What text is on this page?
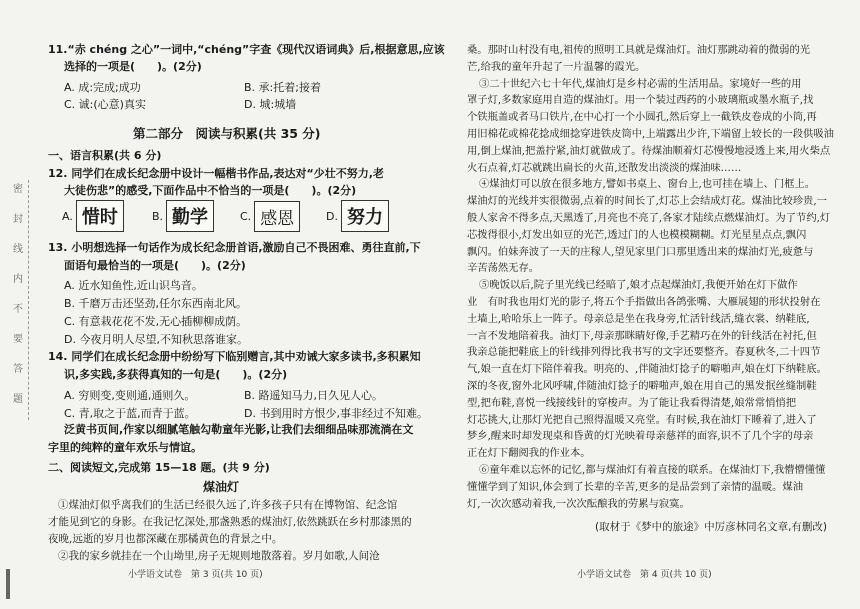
密
封
线
内
不
要
答
题
11.“赤 chéng 之心”一词中,“chéng”字查《现代汉语词典》后,根据意思,应该
选择的一项是(　　)。(2分)
A. 成:完成;成功	B. 承:托着;接着
C. 诚:(心意)真实	D. 城:城墙
第二部分　阅读与积累(共 35 分)
一、语言积累(共 6 分)
12. 同学们在成长纪念册中设计一幅楷书作品,表达对“少壮不努力,老
大徒伤悲”的感受,下面作品中不恰当的一项是(　　)。(2分)
A. 惜时	B. 勤学	C. 感恩	D. 努力
13. 小明想选择一句话作为成长纪念册首语,激励自己不畏困难、勇往直前,下
面语句最恰当的一项是(　　)。(2分)
A. 近水知鱼性,近山识鸟音。
B. 千磨万击还坚劲,任尔东西南北风。
C. 有意栽花花不发,无心插柳柳成荫。
D. 今夜月明人尽望,不知秋思落谁家。
14. 同学们在成长纪念册中纷纷写下临别赠言,其中劝诫大家多读书,多积累知
识,多实践,多获得真知的一句是(　　)。(2分)
A. 穷则变,变则通,通则久。	B. 路遥知马力,日久见人心。
C. 青,取之于蓝,而青于蓝。	D. 书到用时方恨少,事非经过不知难。
泛黄书页间,作家以细腻笔触勾勒童年光影,让我们去细细品味那流淌在文
字里的纯粹的童年欢乐与情谊。
二、阅读短文,完成第 15—18 题。(共 9 分)
煤油灯
①煤油灯似乎离我们的生活已经很久远了,许多孩子只有在博物馆、纪念馆
才能见到它的身影。在我记忆深处,那盏熟悉的煤油灯,依然跳跃在乡村那漆黑的
夜晚,远逝的岁月也都深藏在那橘黄色的背景之中。
②我的家乡就挂在一个山坳里,房子无规则地散落着。岁月如歌,人间沧
小学语文试卷　第 3 页(共 10 页)
桑。那时山村没有电,祖传的照明工具就是煤油灯。油灯那跳动着的微弱的光
芒,给我的童年升起了一片温馨的霞光。
③二十世纪六七十年代,煤油灯是乡村必需的生活用品。家境好一些的用
罩子灯,多数家庭用自造的煤油灯。用一个装过西药的小玻璃瓶或墨水瓶子,找
个铁瓶盖或者马口铁片,在中心打一个小圆孔,然后穿上一截铁皮卷成的小筒,再
用旧棉花或棉花捻成细捻穿进铁皮筒中,上端露出少许,下端留上较长的一段供吸油
用,倒上煤油,把盖拧紧,油灯就做成了。待煤油顺着灯芯慢慢地浸透上来,用火柴点
火石点着,灯芯就跳出扁长的火苗,还散发出淡淡的煤油味……
④煤油灯可以放在很多地方,譬如书桌上、窗台上,也可挂在墙上、门框上。
煤油灯的光线并实很微弱,点着的时间长了,灯芯上会结成灯花。煤油比较珍贵,一
般人家舍不得多点,天黑透了,月亮也不亮了,各家才陆续点燃煤油灯。为了节约,灯
芯拨得很小,灯发出如豆的光芒,透过门的人也模模糊糊。灯光星星点点,飘闪
飘闪。伯妹奔波了一天的庄稼人,望见家里门口那里透出来的煤油灯光,疲惫与
辛苦荡然无存。
⑤晚饭以后,院子里光线已经暗了,娘才点起煤油灯,我便开始在灯下做作
业　有时我也用灯光的影子,将五个手指做出各鸽张嘴、大雁展翅的形状投射在
土墙上,哈哈乐上一阵子。母亲总是坐在我身旁,忙活针线活,缝衣裳、纳鞋底,
一言不发地陪着我。油灯下,母亲那眯睛好像,手艺精巧在外的针线活在衬托,但
我亲总能把鞋底上的针线排列得比我书写的文字还要整齐。春夏秋冬,二十四节
气,娘一直在灯下陪伴着我。明亮的、,伴随油灯捻子的噼啪声,娘在灯下纳鞋底。
深的冬夜,窗外北风呼啸,伴随油灯捻子的噼啪声,娘在用自己的黑发抿丝缝制鞋
型,把布鞋,喜悦一线接线针的穿梭声。为了能让我看得清楚,娘常常悄悄把
灯芯挑大,让那灯光把自己照得温暖又亮堂。有时候,我在油灯下睡着了,进入了
梦乡,醒来时却发现桌和昏黄的灯光映着母亲慈祥的面容,识不了几个字的母亲
正在灯下翻阅我的作业本。
⑥童年难以忘怀的记忆,都与煤油灯有着直接的联系。在煤油灯下,我懵懵懂懂
懂懂学到了知识,体会到了长辈的辛苦,更多的是品尝到了亲情的温暖。煤油
灯,一次次感动着我,一次次酝酿我的劳累与寂寞。
(取材于《梦中的旅途》中厉彦林同名文章,有删改)
小学语文试卷　第 4 页(共 10 页)
